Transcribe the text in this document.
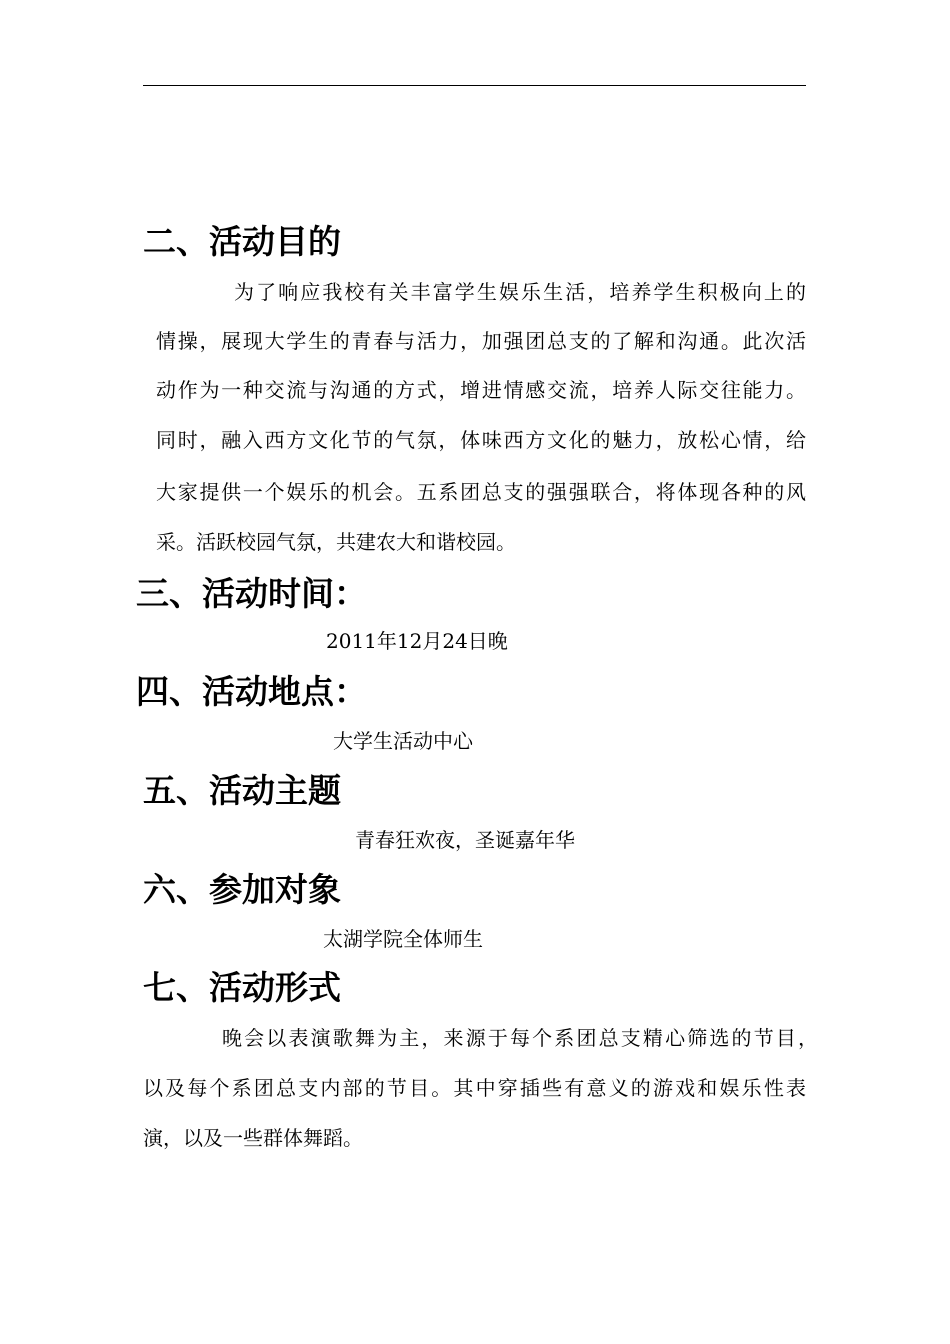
二、活动目的

为了响应我校有关丰富学生娱乐生活，培养学生积极向上的

情操，展现大学生的青春与活力，加强团总支的了解和沟通。此次活

动作为一种交流与沟通的方式，增进情感交流，培养人际交往能力。

同时，融入西方文化节的气氛，体味西方文化的魅力，放松心情，给

大家提供一个娱乐的机会。五系团总支的强强联合，将体现各种的风

采。活跃校园气氛，共建农大和谐校园。

三、活动时间：

2011年12月24日晚

四、活动地点：

大学生活动中心

五、活动主题

青春狂欢夜，圣诞嘉年华

六、参加对象

太湖学院全体师生

七、活动形式

晚会以表演歌舞为主，来源于每个系团总支精心筛选的节目，

以及每个系团总支内部的节目。其中穿插些有意义的游戏和娱乐性表

演，以及一些群体舞蹈。
